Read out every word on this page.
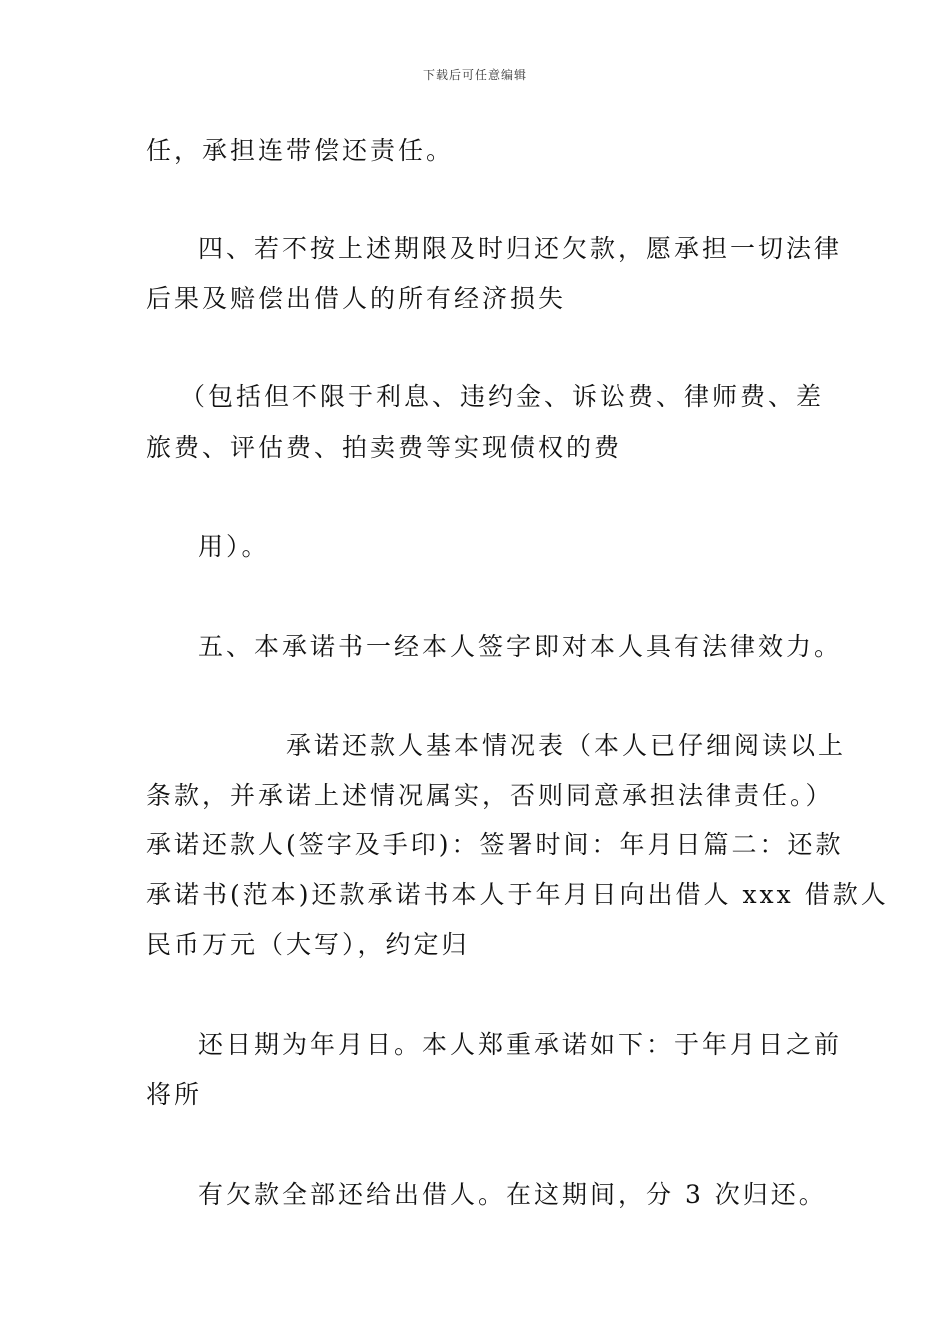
下载后可任意编辑
任，承担连带偿还责任。
四、若不按上述期限及时归还欠款，愿承担一切法律
后果及赔偿出借人的所有经济损失
（包括但不限于利息、违约金、诉讼费、律师费、差
旅费、评估费、拍卖费等实现债权的费
用）。
五、本承诺书一经本人签字即对本人具有法律效力。
承诺还款人基本情况表（本人已仔细阅读以上
条款，并承诺上述情况属实，否则同意承担法律责任。）
承诺还款人(签字及手印)：签署时间：年月日篇二：还款
承诺书(范本)还款承诺书本人于年月日向出借人 xxx 借款人
民币万元（大写），约定归
还日期为年月日。本人郑重承诺如下：于年月日之前
将所
有欠款全部还给出借人。在这期间，分 3 次归还。
